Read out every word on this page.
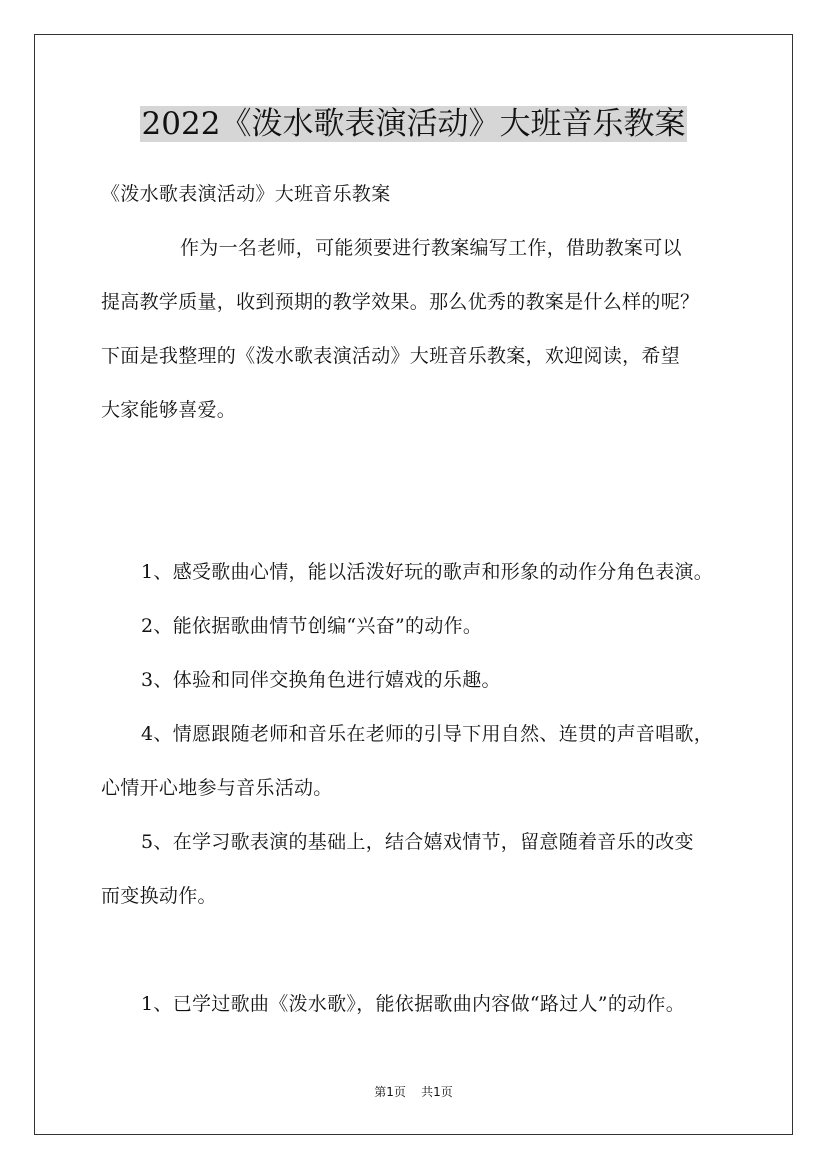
2022《泼水歌表演活动》大班音乐教案
《泼水歌表演活动》大班音乐教案
作为一名老师，可能须要进行教案编写工作，借助教案可以
提高教学质量，收到预期的教学效果。那么优秀的教案是什么样的呢？
下面是我整理的《泼水歌表演活动》大班音乐教案，欢迎阅读，希望
大家能够喜爱。
1、感受歌曲心情，能以活泼好玩的歌声和形象的动作分角色表演。
2、能依据歌曲情节创编“兴奋”的动作。
3、体验和同伴交换角色进行嬉戏的乐趣。
4、情愿跟随老师和音乐在老师的引导下用自然、连贯的声音唱歌，
心情开心地参与音乐活动。
5、在学习歌表演的基础上，结合嬉戏情节，留意随着音乐的改变
而变换动作。
1、已学过歌曲《泼水歌》，能依据歌曲内容做“路过人”的动作。
第1页 共1页
